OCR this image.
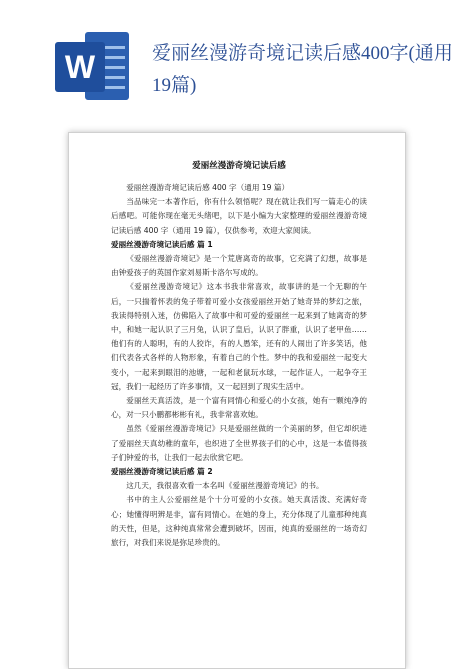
W	爱丽丝漫游奇境记读后感400字(通用19篇)

爱丽丝漫游奇境记读后感

爱丽丝漫游奇境记读后感 400 字（通用 19 篇）

当品味完一本著作后，你有什么领悟呢？现在就让我们写一篇走心的读后感吧。可能你现在毫无头绪吧，以下是小编为大家整理的爱丽丝漫游奇境记读后感 400 字（通用 19 篇），仅供参考，欢迎大家阅读。

爱丽丝漫游奇境记读后感 篇 1

《爱丽丝漫游奇境记》是一个荒唐离奇的故事，它充满了幻想，故事是由钟爱孩子的英国作家刘易斯卡洛尔写成的。

《爱丽丝漫游奇境记》这本书我非常喜欢，故事讲的是一个无聊的午后，一只揣着怀表的兔子带着可爱小女孩爱丽丝开始了她奇异的梦幻之旅，我读得特别入迷，仿佛陷入了故事中和可爱的爱丽丝一起来到了她离奇的梦中，和她一起认识了三月兔，认识了皇后，认识了胖重，认识了老甲鱼……他们有的人聪明，有的人狡诈，有的人愚笨，还有的人闹出了许多笑话，他们代表各式各样的人物形象，有着自己的个性。梦中的我和爱丽丝一起变大变小，一起来到眼泪的池塘，一起和老鼠玩水球，一起作证人，一起争夺王冠，我们一起经历了许多事情，又一起回到了现实生活中。

爱丽丝天真活泼，是一个富有同情心和爱心的小女孩，她有一颗纯净的心，对一只小鹏都彬彬有礼，我非常喜欢她。

虽然《爱丽丝漫游奇境记》只是爱丽丝做的一个美丽的梦，但它却织进了爱丽丝天真幼稚的童年，也织进了全世界孩子们的心中，这是一本值得孩子们钟爱的书，让我们一起去欣赏它吧。

爱丽丝漫游奇境记读后感 篇 2

这几天，我很喜欢看一本名叫《爱丽丝漫游奇境记》的书。

书中的主人公爱丽丝是个十分可爱的小女孩。她天真活泼、充满好奇心；她懂得明辨是非，富有同情心。在她的身上，充分体现了儿童那种纯真的天性，但是，这种纯真常常会遭到破坏，因而，纯真的爱丽丝的一场奇幻旅行，对我们来说是弥足珍贵的。
